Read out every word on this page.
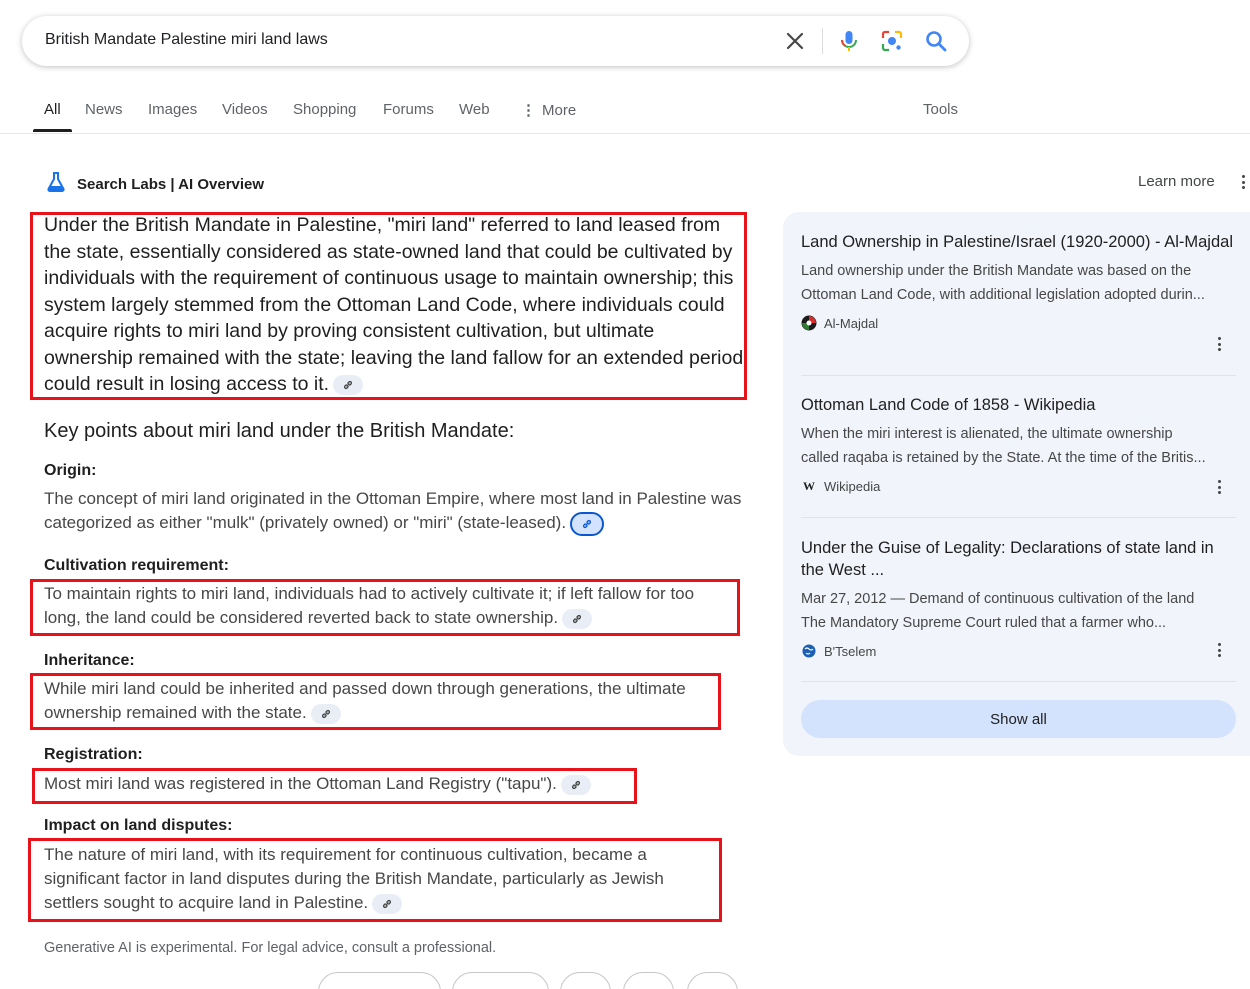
British Mandate Palestine miri land laws
All News Images Videos Shopping Forums Web ⋮ More	Tools
Search Labs | AI Overview	Learn more
Under the British Mandate in Palestine, "miri land" referred to land leased from the state, essentially considered as state-owned land that could be cultivated by individuals with the requirement of continuous usage to maintain ownership; this system largely stemmed from the Ottoman Land Code, where individuals could acquire rights to miri land by proving consistent cultivation, but ultimate ownership remained with the state; leaving the land fallow for an extended period could result in losing access to it.
Key points about miri land under the British Mandate:
Origin:
The concept of miri land originated in the Ottoman Empire, where most land in Palestine was categorized as either "mulk" (privately owned) or "miri" (state-leased).
Cultivation requirement:
To maintain rights to miri land, individuals had to actively cultivate it; if left fallow for too long, the land could be considered reverted back to state ownership.
Inheritance:
While miri land could be inherited and passed down through generations, the ultimate ownership remained with the state.
Registration:
Most miri land was registered in the Ottoman Land Registry ("tapu").
Impact on land disputes:
The nature of miri land, with its requirement for continuous cultivation, became a significant factor in land disputes during the British Mandate, particularly as Jewish settlers sought to acquire land in Palestine.
Generative AI is experimental. For legal advice, consult a professional.
Land Ownership in Palestine/Israel (1920-2000) - Al-Majdal
Land ownership under the British Mandate was based on the
Ottoman Land Code, with additional legislation adopted durin...
Al-Majdal
Ottoman Land Code of 1858 - Wikipedia
When the miri interest is alienated, the ultimate ownership
called raqaba is retained by the State. At the time of the Britis...
W Wikipedia
Under the Guise of Legality: Declarations of state land in the West ...
Mar 27, 2012 — Demand of continuous cultivation of the land
The Mandatory Supreme Court ruled that a farmer who...
B'Tselem
Show all
